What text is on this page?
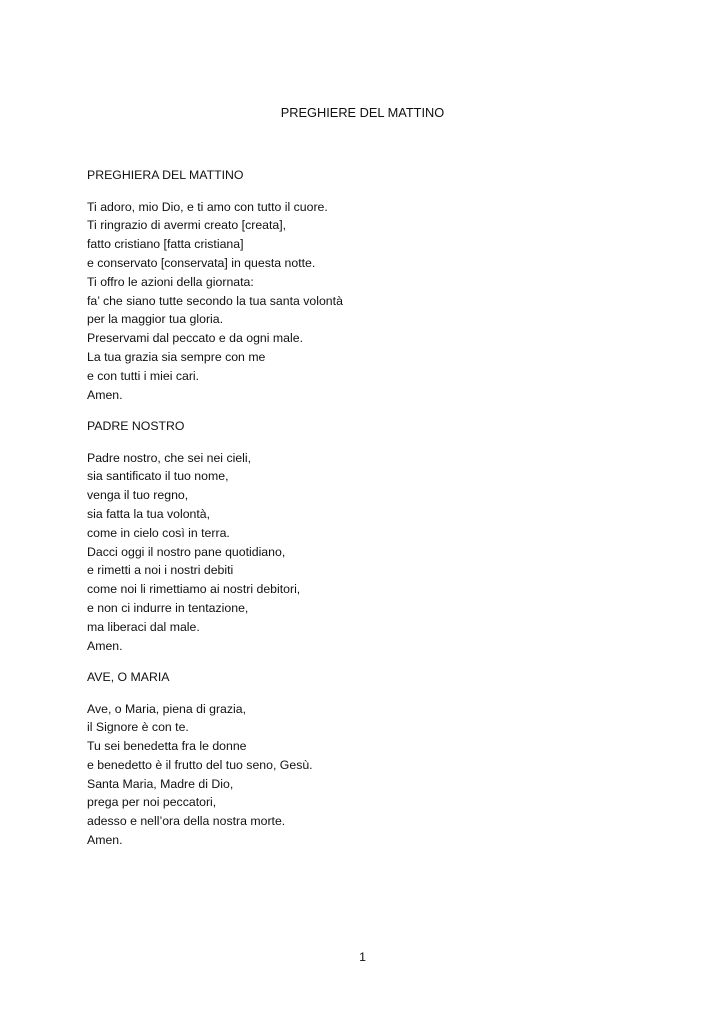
PREGHIERE DEL MATTINO

PREGHIERA DEL MATTINO

Ti adoro, mio Dio, e ti amo con tutto il cuore.
Ti ringrazio di avermi creato [creata],
fatto cristiano [fatta cristiana]
e conservato [conservata] in questa notte.
Ti offro le azioni della giornata:
fa’ che siano tutte secondo la tua santa volontà
per la maggior tua gloria.
Preservami dal peccato e da ogni male.
La tua grazia sia sempre con me
e con tutti i miei cari.
Amen.

PADRE NOSTRO

Padre nostro, che sei nei cieli,
sia santificato il tuo nome,
venga il tuo regno,
sia fatta la tua volontà,
come in cielo così in terra.
Dacci oggi il nostro pane quotidiano,
e rimetti a noi i nostri debiti
come noi li rimettiamo ai nostri debitori,
e non ci indurre in tentazione,
ma liberaci dal male.
Amen.

AVE, O MARIA

Ave, o Maria, piena di grazia,
il Signore è con te.
Tu sei benedetta fra le donne
e benedetto è il frutto del tuo seno, Gesù.
Santa Maria, Madre di Dio,
prega per noi peccatori,
adesso e nell’ora della nostra morte.
Amen.
1
